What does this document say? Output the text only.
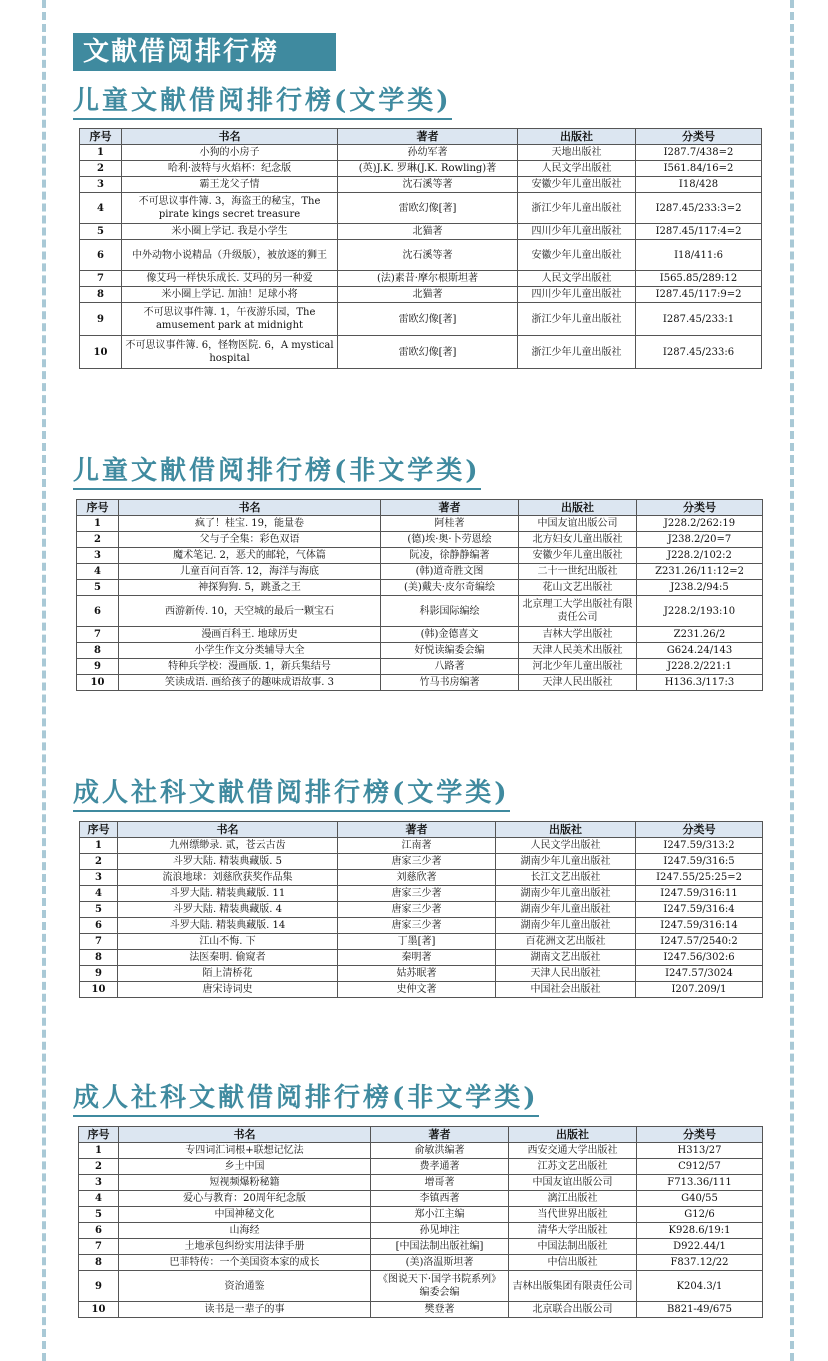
文献借阅排行榜
儿童文献借阅排行榜(文学类)
序号	书名	著者	出版社	分类号
1	小狗的小房子	孙幼军著	天地出版社	I287.7/438=2
2	哈利·波特与火焰杯：纪念版	(英)J.K. 罗琳(J.K. Rowling)著	人民文学出版社	I561.84/16=2
3	霸王龙父子情	沈石溪等著	安徽少年儿童出版社	I18/428
4	不可思议事件簿. 3，海盗王的秘宝，The pirate kings secret treasure	雷欧幻像[著]	浙江少年儿童出版社	I287.45/233:3=2
5	米小圈上学记. 我是小学生	北猫著	四川少年儿童出版社	I287.45/117:4=2
6	中外动物小说精品（升级版），被放逐的狮王	沈石溪等著	安徽少年儿童出版社	I18/411:6
7	像艾玛一样快乐成长. 艾玛的另一种爱	(法)素昔·摩尔根斯坦著	人民文学出版社	I565.85/289:12
8	米小圈上学记. 加油！足球小将	北猫著	四川少年儿童出版社	I287.45/117:9=2
9	不可思议事件簿. 1，午夜游乐园，The amusement park at midnight	雷欧幻像[著]	浙江少年儿童出版社	I287.45/233:1
10	不可思议事件簿. 6，怪物医院. 6，A mystical hospital	雷欧幻像[著]	浙江少年儿童出版社	I287.45/233:6
儿童文献借阅排行榜(非文学类)
序号	书名	著者	出版社	分类号
1	疯了！桂宝. 19，能量卷	阿桂著	中国友谊出版公司	J228.2/262:19
2	父与子全集：彩色双语	(德)埃·奥·卜劳恩绘	北方妇女儿童出版社	J238.2/20=7
3	魔术笔记. 2，恶犬的邮轮，气体篇	阮凌，徐静静编著	安徽少年儿童出版社	J228.2/102:2
4	儿童百问百答. 12，海洋与海底	(韩)道奇胜文图	二十一世纪出版社	Z231.26/11:12=2
5	神探狗狗. 5，跳蚤之王	(美)戴夫·皮尔奇编绘	花山文艺出版社	J238.2/94:5
6	西游新传. 10，天空城的最后一颗宝石	科影国际编绘	北京理工大学出版社有限责任公司	J228.2/193:10
7	漫画百科王. 地球历史	(韩)金德喜文	吉林大学出版社	Z231.26/2
8	小学生作文分类辅导大全	好悦读编委会编	天津人民美术出版社	G624.24/143
9	特种兵学校：漫画版. 1，新兵集结号	八路著	河北少年儿童出版社	J228.2/221:1
10	笑读成语. 画给孩子的趣味成语故事. 3	竹马书房编著	天津人民出版社	H136.3/117:3
成人社科文献借阅排行榜(文学类)
序号	书名	著者	出版社	分类号
1	九州缥缈录. 贰，苍云古齿	江南著	人民文学出版社	I247.59/313:2
2	斗罗大陆. 精装典藏版. 5	唐家三少著	湖南少年儿童出版社	I247.59/316:5
3	流浪地球：刘慈欣获奖作品集	刘慈欣著	长江文艺出版社	I247.55/25:25=2
4	斗罗大陆. 精装典藏版. 11	唐家三少著	湖南少年儿童出版社	I247.59/316:11
5	斗罗大陆. 精装典藏版. 4	唐家三少著	湖南少年儿童出版社	I247.59/316:4
6	斗罗大陆. 精装典藏版. 14	唐家三少著	湖南少年儿童出版社	I247.59/316:14
7	江山不悔. 下	丁墨[著]	百花洲文艺出版社	I247.57/2540:2
8	法医秦明. 偷窥者	秦明著	湖南文艺出版社	I247.56/302:6
9	陌上清桥花	姑苏眠著	天津人民出版社	I247.57/3024
10	唐宋诗词史	史仲文著	中国社会出版社	I207.209/1
成人社科文献借阅排行榜(非文学类)
序号	书名	著者	出版社	分类号
1	专四词汇词根+联想记忆法	俞敏洪编著	西安交通大学出版社	H313/27
2	乡土中国	费孝通著	江苏文艺出版社	C912/57
3	短视频爆粉秘籍	增哥著	中国友谊出版公司	F713.36/111
4	爱心与教育：20周年纪念版	李镇西著	漓江出版社	G40/55
5	中国神秘文化	郑小江主编	当代世界出版社	G12/6
6	山海经	孙见坤注	清华大学出版社	K928.6/19:1
7	土地承包纠纷实用法律手册	[中国法制出版社编]	中国法制出版社	D922.44/1
8	巴菲特传：一个美国资本家的成长	(美)洛温斯坦著	中信出版社	F837.12/22
9	资治通鉴	《图说天下·国学书院系列》编委会编	吉林出版集团有限责任公司	K204.3/1
10	读书是一辈子的事	樊登著	北京联合出版公司	B821-49/675
